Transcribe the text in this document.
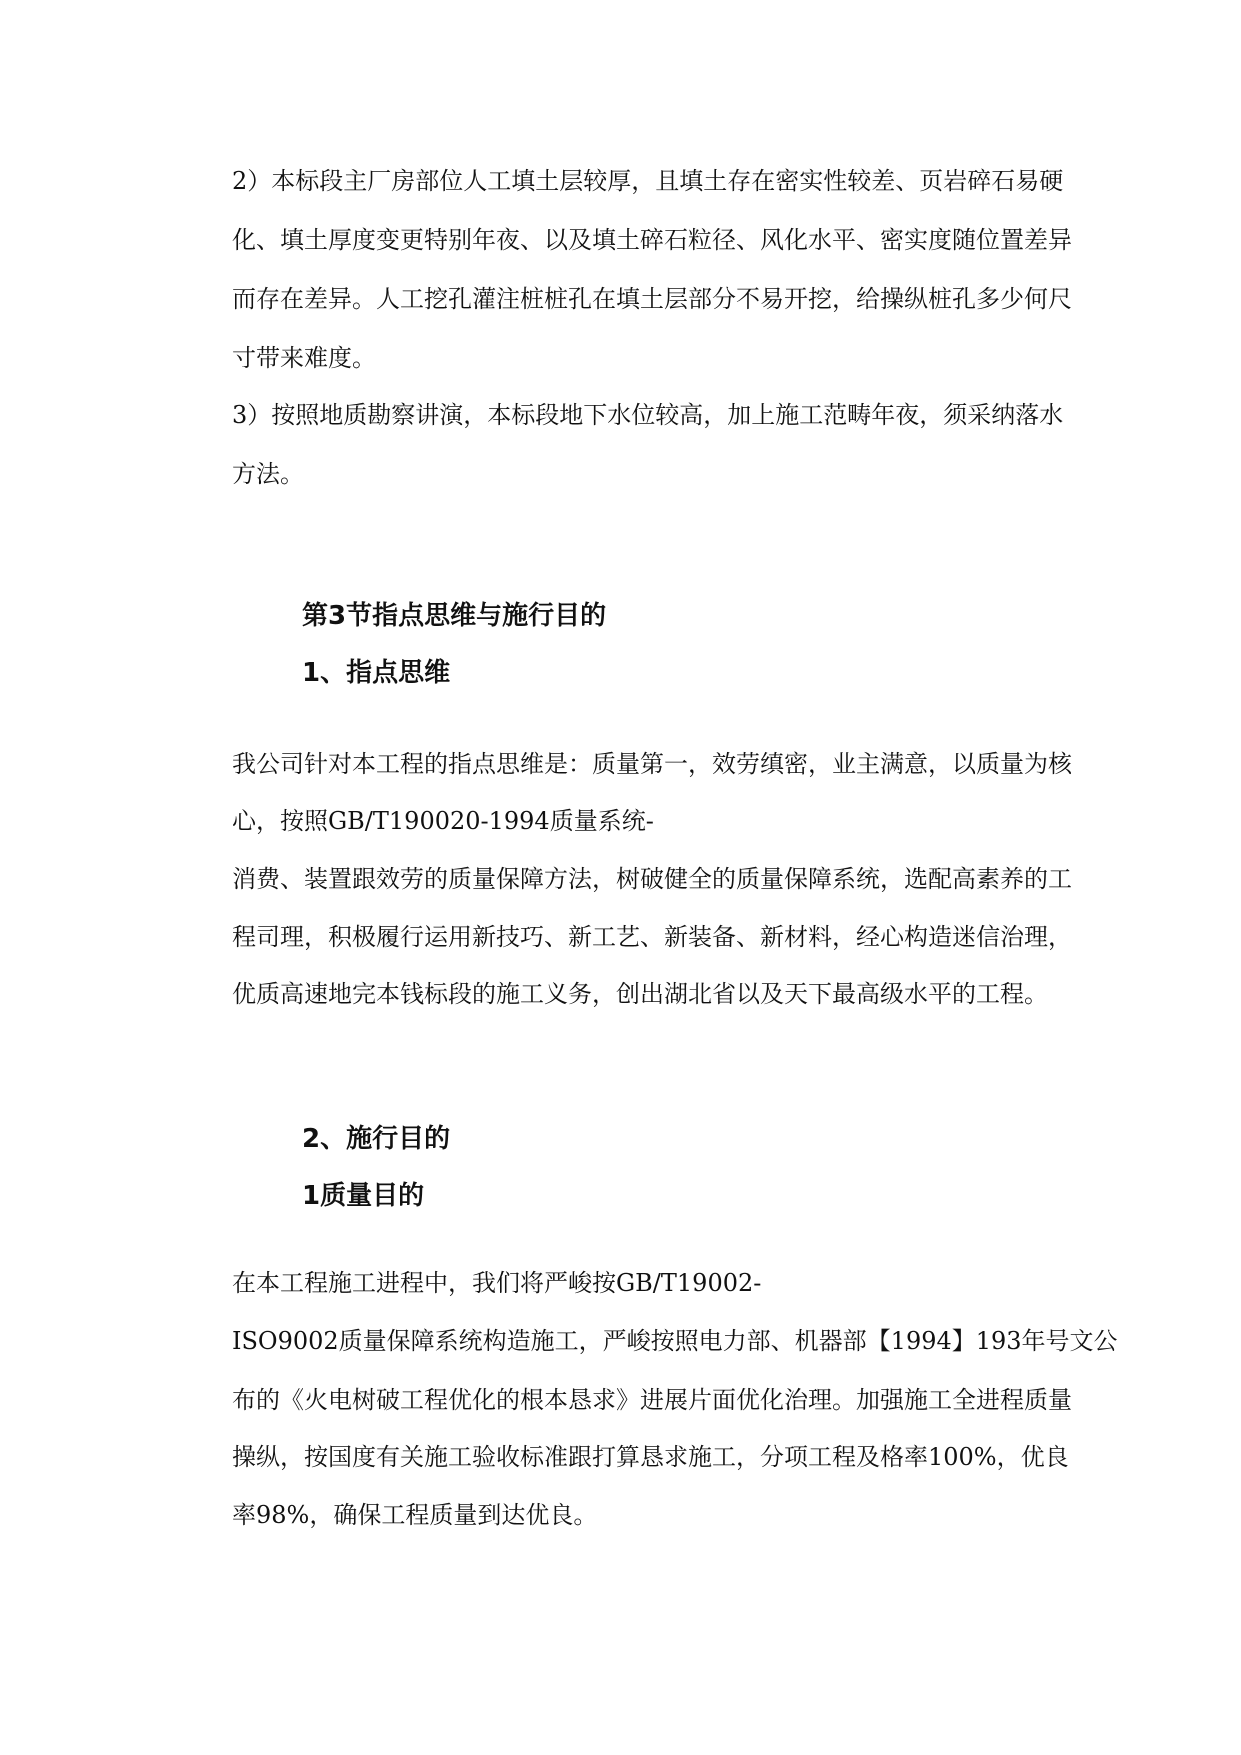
2）本标段主厂房部位人工填土层较厚，且填土存在密实性较差、页岩碎石易硬
化、填土厚度变更特别年夜、以及填土碎石粒径、风化水平、密实度随位置差异
而存在差异。人工挖孔灌注桩桩孔在填土层部分不易开挖，给操纵桩孔多少何尺
寸带来难度。
3）按照地质勘察讲演，本标段地下水位较高，加上施工范畴年夜，须采纳落水
方法。
第3节指点思维与施行目的
1、指点思维
我公司针对本工程的指点思维是：质量第一，效劳缜密，业主满意，以质量为核
心，按照GB/T190020-1994质量系统-
消费、装置跟效劳的质量保障方法，树破健全的质量保障系统，选配高素养的工
程司理，积极履行运用新技巧、新工艺、新装备、新材料，经心构造迷信治理，
优质高速地完本钱标段的施工义务，创出湖北省以及天下最高级水平的工程。
2、施行目的
1质量目的
在本工程施工进程中，我们将严峻按GB/T19002-
ISO9002质量保障系统构造施工，严峻按照电力部、机器部【1994】193年号文公
布的《火电树破工程优化的根本恳求》进展片面优化治理。加强施工全进程质量
操纵，按国度有关施工验收标准跟打算恳求施工，分项工程及格率100%，优良
率98%，确保工程质量到达优良。
